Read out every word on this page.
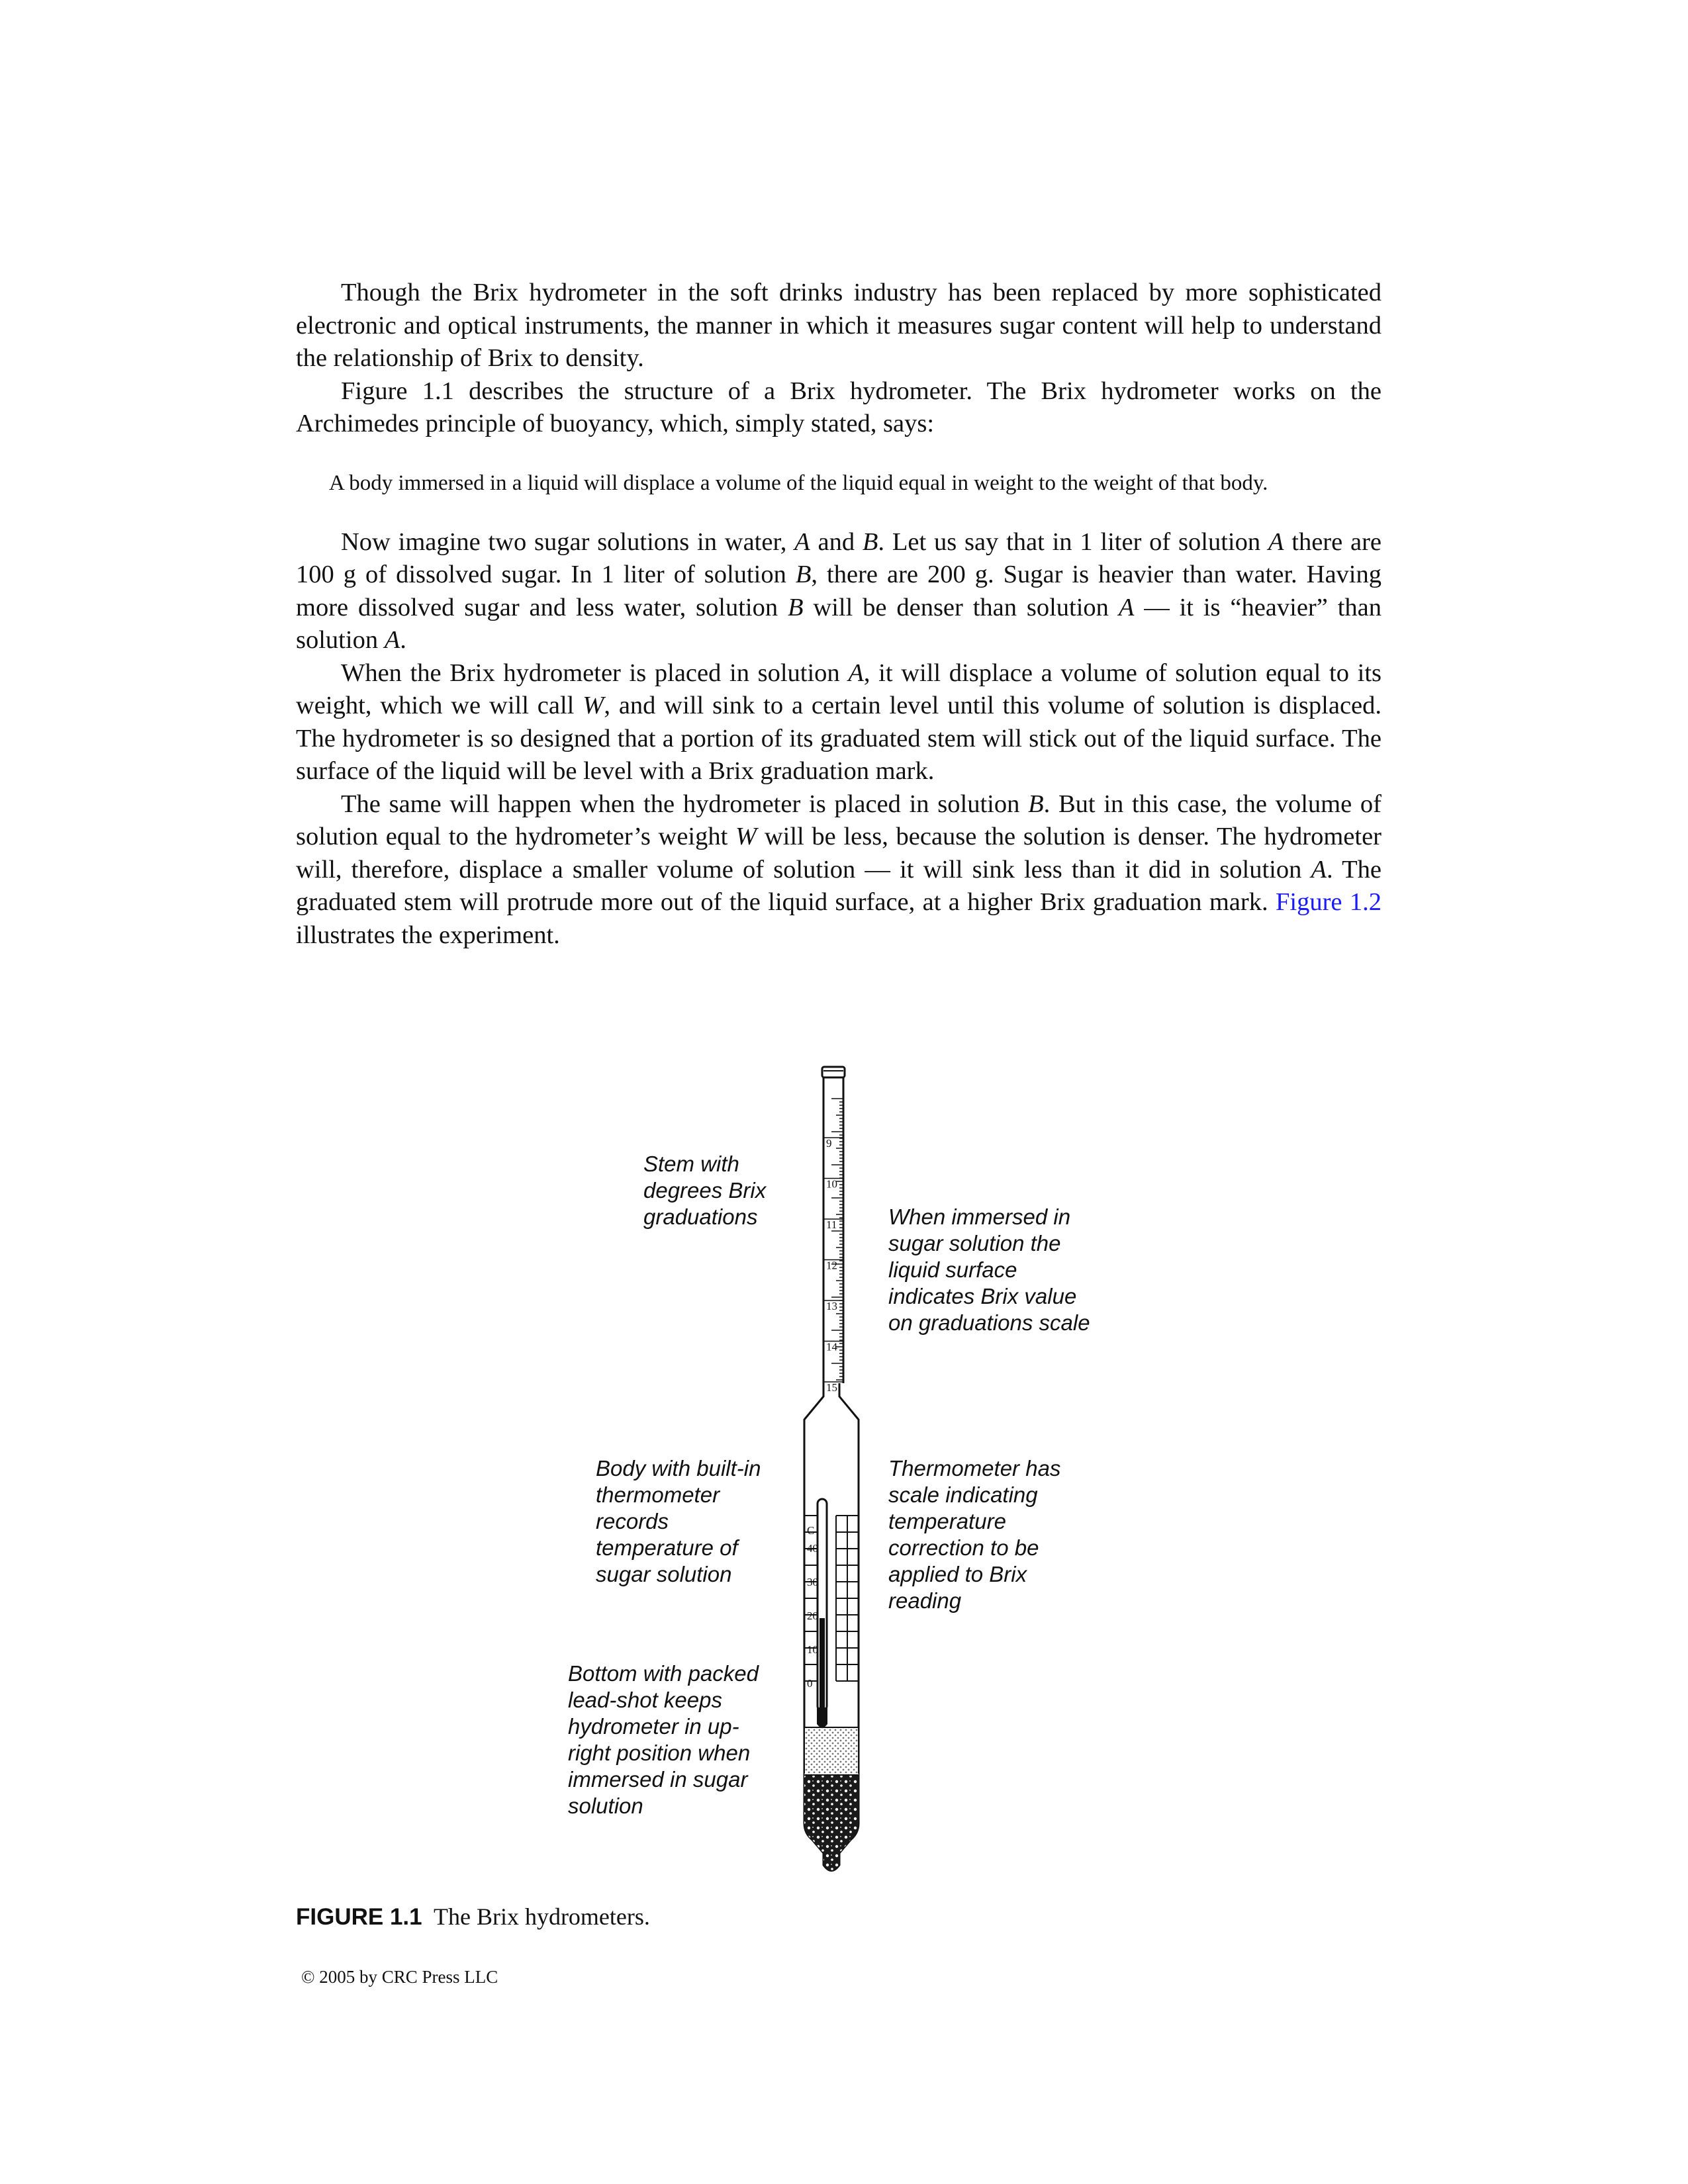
Though the Brix hydrometer in the soft drinks industry has been replaced by more sophisticated electronic and optical instruments, the manner in which it measures sugar content will help to understand the relationship of Brix to density.

Figure 1.1 describes the structure of a Brix hydrometer. The Brix hydrometer works on the Archimedes principle of buoyancy, which, simply stated, says:

A body immersed in a liquid will displace a volume of the liquid equal in weight to the weight of that body.

Now imagine two sugar solutions in water, A and B. Let us say that in 1 liter of solution A there are 100 g of dissolved sugar. In 1 liter of solution B, there are 200 g. Sugar is heavier than water. Having more dissolved sugar and less water, solution B will be denser than solution A — it is “heavier” than solution A.

When the Brix hydrometer is placed in solution A, it will displace a volume of solution equal to its weight, which we will call W, and will sink to a certain level until this volume of solution is displaced. The hydrometer is so designed that a portion of its graduated stem will stick out of the liquid surface. The surface of the liquid will be level with a Brix graduation mark.

The same will happen when the hydrometer is placed in solution B. But in this case, the volume of solution equal to the hydrometer’s weight W will be less, because the solution is denser. The hydrometer will, therefore, displace a smaller volume of solution — it will sink less than it did in solution A. The graduated stem will protrude more out of the liquid surface, at a higher Brix graduation mark. Figure 1.2 illustrates the experiment.

9
10
11
12
13
14
15
C
40
30
20
10
0
Stem with degrees Brix graduations	When immersed in sugar solution the liquid surface indicates Brix value on graduations scale
Body with built-in thermometer records temperature of sugar solution
Thermometer has scale indicating temperature correction to be applied to Brix reading
Bottom with packed lead-shot keeps hydrometer in up- right position when immersed in sugar solution
FIGURE 1.1 The Brix hydrometers.
© 2005 by CRC Press LLC
